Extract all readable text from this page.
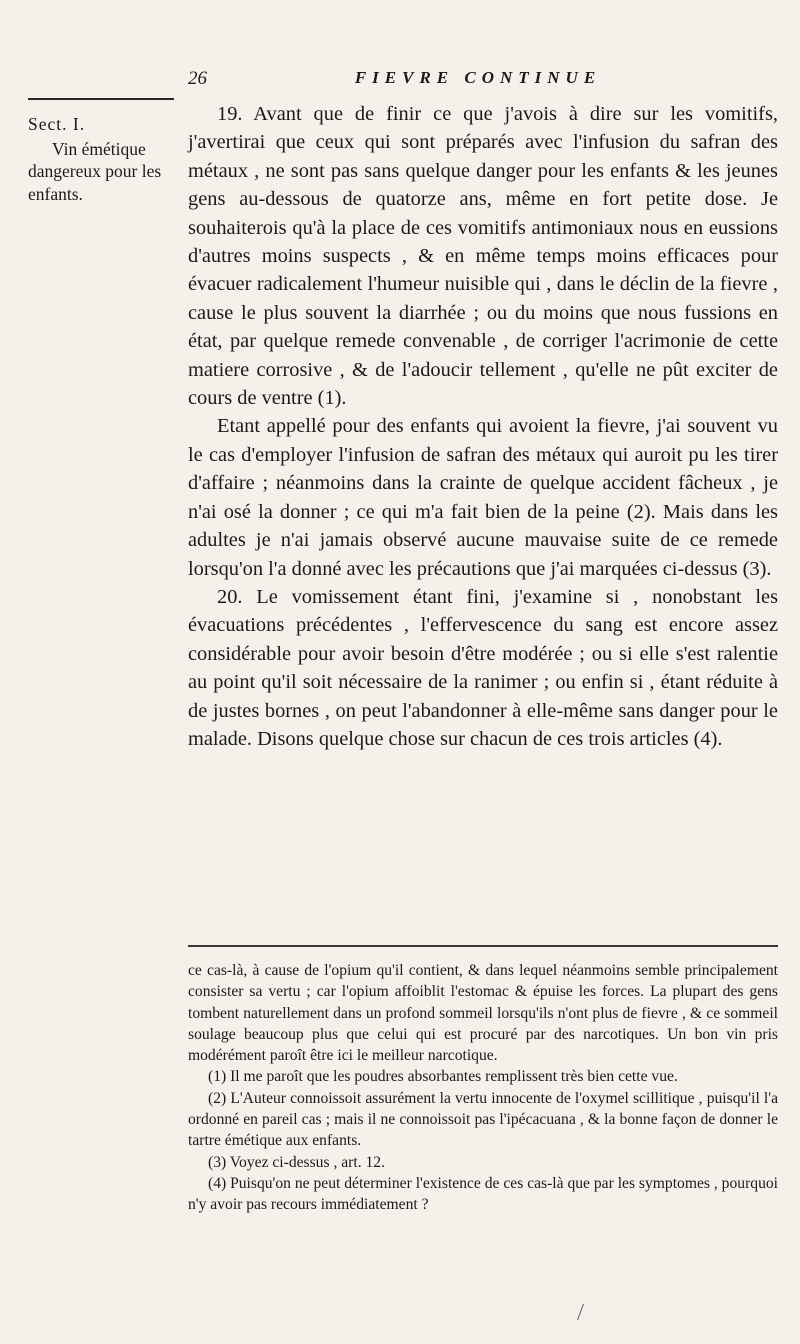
26	FIEVRE CONTINUE
Sect. I.
Vin émétique dangereux pour les enfants.

19. Avant que de finir ce que j'avois à dire sur les vomitifs, j'avertirai que ceux qui sont préparés avec l'infusion du safran des métaux , ne sont pas sans quelque danger pour les enfants & les jeunes gens au-dessous de quatorze ans, même en fort petite dose. Je souhaiterois qu'à la place de ces vomitifs antimoniaux nous en eussions d'autres moins suspects , & en même temps moins efficaces pour évacuer radicalement l'humeur nuisible qui , dans le déclin de la fievre , cause le plus souvent la diarrhée ; ou du moins que nous fussions en état, par quelque remede convenable , de corriger l'acrimonie de cette matiere corrosive , & de l'adoucir tellement , qu'elle ne pût exciter de cours de ventre (1).

Etant appellé pour des enfants qui avoient la fievre, j'ai souvent vu le cas d'employer l'infusion de safran des métaux qui auroit pu les tirer d'affaire ; néanmoins dans la crainte de quelque accident fâcheux , je n'ai osé la donner ; ce qui m'a fait bien de la peine (2). Mais dans les adultes je n'ai jamais observé aucune mauvaise suite de ce remede lorsqu'on l'a donné avec les précautions que j'ai marquées ci-dessus (3).

20. Le vomissement étant fini, j'examine si , nonobstant les évacuations précédentes , l'effervescence du sang est encore assez considérable pour avoir besoin d'être modérée ; ou si elle s'est ralentie au point qu'il soit nécessaire de la ranimer ; ou enfin si , étant réduite à de justes bornes , on peut l'abandonner à elle-même sans danger pour le malade. Disons quelque chose sur chacun de ces trois articles (4).

ce cas-là, à cause de l'opium qu'il contient, & dans lequel néanmoins semble principalement consister sa vertu ; car l'opium affoiblit l'estomac & épuise les forces. La plupart des gens tombent naturellement dans un profond sommeil lorsqu'ils n'ont plus de fievre , & ce sommeil soulage beaucoup plus que celui qui est procuré par des narcotiques. Un bon vin pris modérément paroît être ici le meilleur narcotique.

(1) Il me paroît que les poudres absorbantes remplissent très bien cette vue.

(2) L'Auteur connoissoit assurément la vertu innocente de l'oxymel scillitique , puisqu'il l'a ordonné en pareil cas ; mais il ne connoissoit pas l'ipécacuana , & la bonne façon de donner le tartre émétique aux enfants.

(3) Voyez ci-dessus , art. 12.

(4) Puisqu'on ne peut déterminer l'existence de ces cas-là que par les symptomes , pourquoi n'y avoir pas recours immédiatement ?
